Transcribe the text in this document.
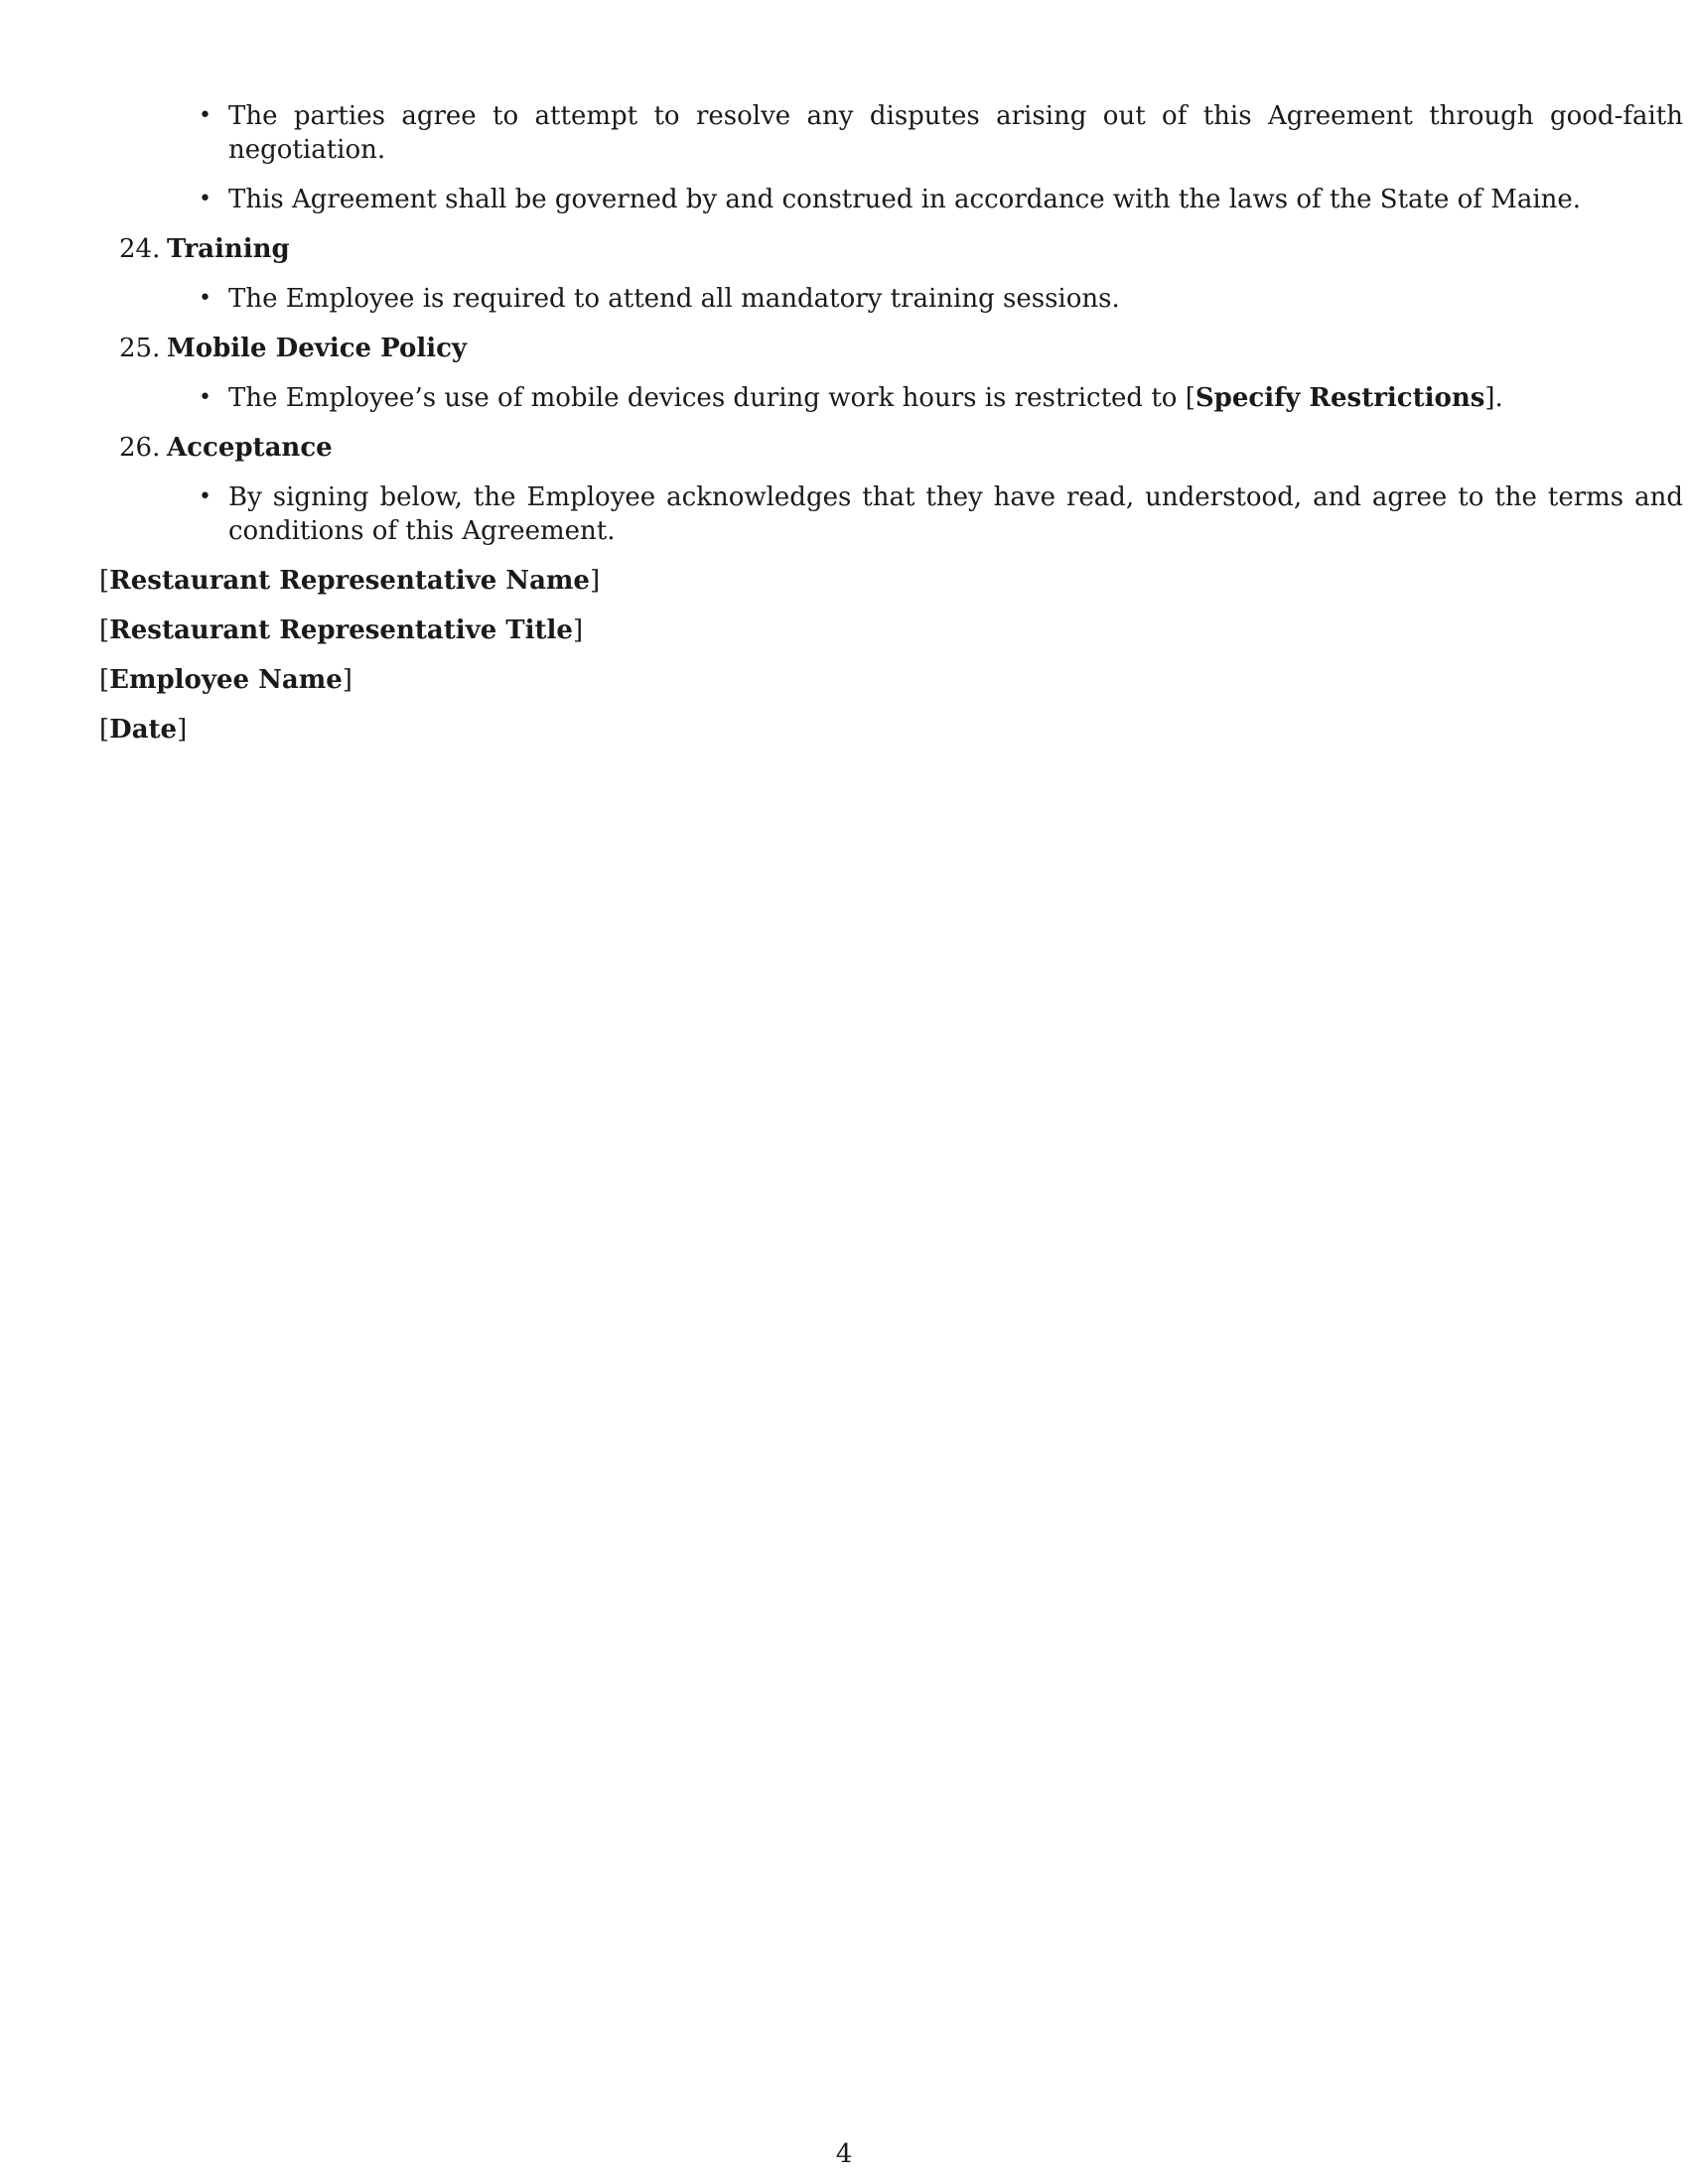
• The parties agree to attempt to resolve any disputes arising out of this Agreement through good-faith negotiation.
• This Agreement shall be governed by and construed in accordance with the laws of the State of Maine.
24. Training
• The Employee is required to attend all mandatory training sessions.
25. Mobile Device Policy
• The Employee’s use of mobile devices during work hours is restricted to [Specify Restrictions].
26. Acceptance
• By signing below, the Employee acknowledges that they have read, understood, and agree to the terms and conditions of this Agreement.
[Restaurant Representative Name]
[Restaurant Representative Title]
[Employee Name]
[Date]
4
